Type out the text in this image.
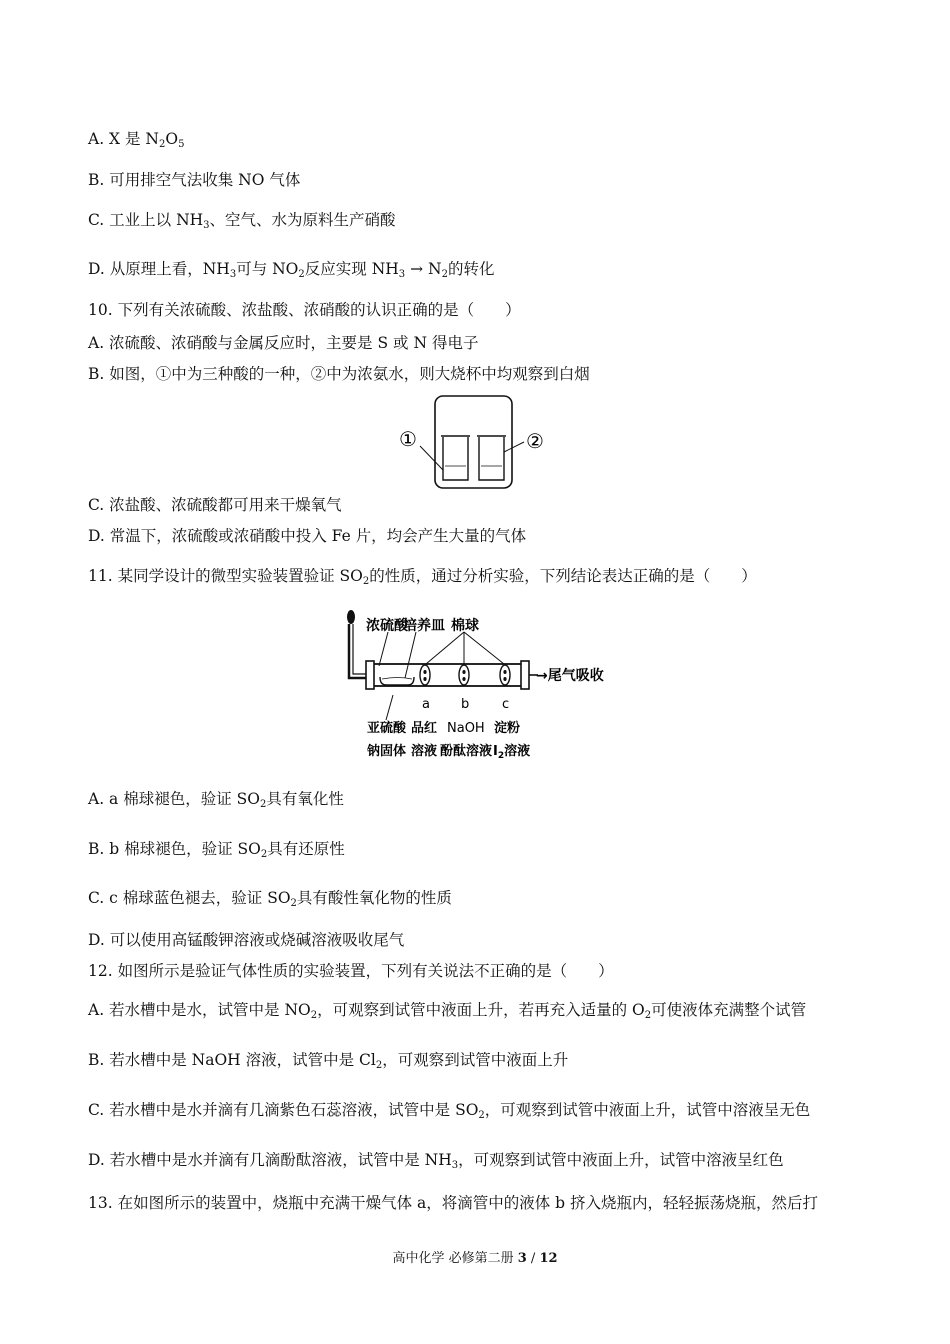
A. X 是 $N_2O_5$
B. 可用排空气法收集 NO 气体
C. 工业上以 $NH_3$、空气、水为原料生产硝酸
D. 从原理上看，$NH_3$可与 $NO_2$反应实现 $NH_3 \to N_2$的转化
10. 下列有关浓硫酸、浓盐酸、浓硝酸的认识正确的是（　　）
A. 浓硫酸、浓硝酸与金属反应时，主要是 S 或 N 得电子
B. 如图，①中为三种酸的一种，②中为浓氨水，则大烧杯中均观察到白烟
①	②
C. 浓盐酸、浓硫酸都可用来干燥氧气
D. 常温下，浓硫酸或浓硝酸中投入 Fe 片，均会产生大量的气体
11. 某同学设计的微型实验装置验证 $SO_2$的性质，通过分析实验，下列结论表达正确的是（　　）
浓硫酸
培养皿 棉球
→尾气吸收
a b	c
亚硫酸
钠固体
品红
溶液
NaOH
酚酞溶液
淀粉
$I_2$溶液
A. a 棉球褪色，验证 $SO_2$具有氧化性
B. b 棉球褪色，验证 $SO_2$具有还原性
C. c 棉球蓝色褪去，验证 $SO_2$具有酸性氧化物的性质
D. 可以使用高锰酸钾溶液或烧碱溶液吸收尾气
12. 如图所示是验证气体性质的实验装置，下列有关说法不正确的是（　　）
A. 若水槽中是水，试管中是 $NO_2$，可观察到试管中液面上升，若再充入适量的 $O_2$可使液体充满整个试管
B. 若水槽中是 NaOH 溶液，试管中是 $Cl_2$，可观察到试管中液面上升
C. 若水槽中是水并滴有几滴紫色石蕊溶液，试管中是 $SO_2$，可观察到试管中液面上升，试管中溶液呈无色
D. 若水槽中是水并滴有几滴酚酞溶液，试管中是 $NH_3$，可观察到试管中液面上升，试管中溶液呈红色
13. 在如图所示的装置中，烧瓶中充满干燥气体 a，将滴管中的液体 b 挤入烧瓶内，轻轻振荡烧瓶，然后打
高中化学 必修第二册 3 / 12
